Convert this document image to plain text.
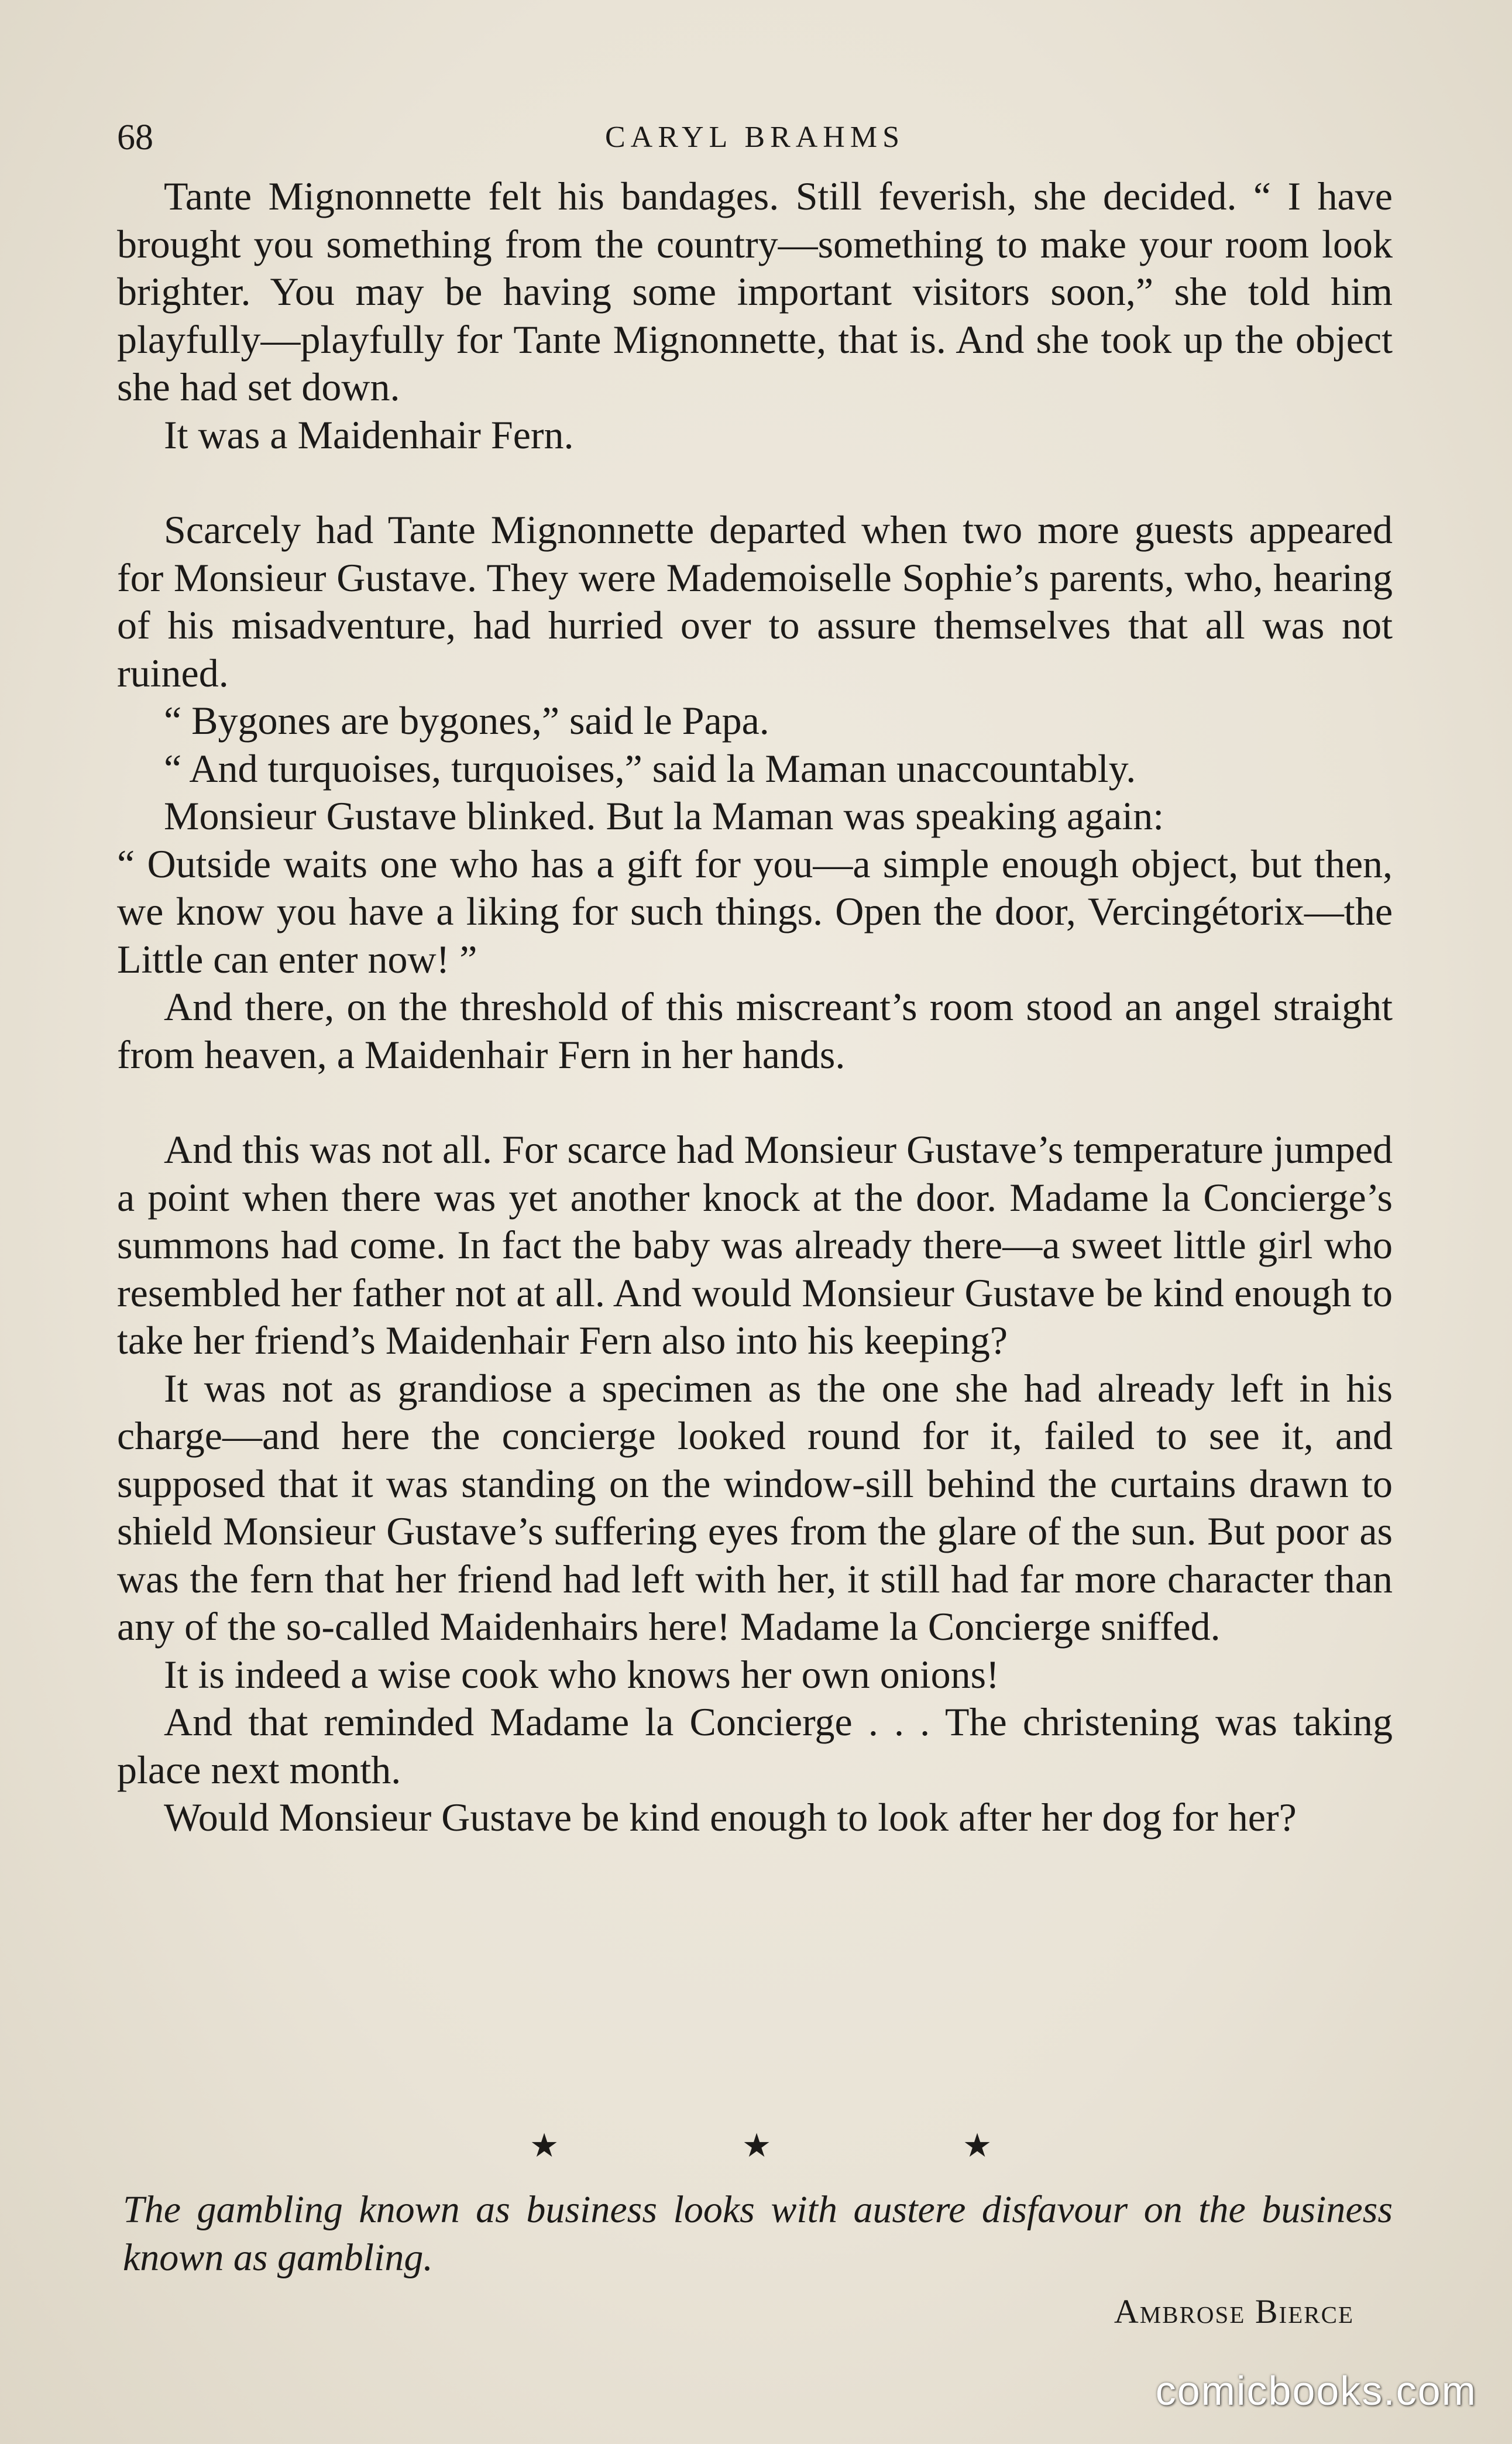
68	CARYL BRAHMS

Tante Mignonnette felt his bandages. Still feverish, she decided. “ I have brought you something from the country—something to make your room look brighter. You may be having some important visitors soon,” she told him playfully—playfully for Tante Mignonnette, that is. And she took up the object she had set down.

It was a Maidenhair Fern.

Scarcely had Tante Mignonnette departed when two more guests appeared for Monsieur Gustave. They were Mademoiselle Sophie’s parents, who, hearing of his misadventure, had hurried over to assure themselves that all was not ruined.

“ Bygones are bygones,” said le Papa.

“ And turquoises, turquoises,” said la Maman unaccountably.

Monsieur Gustave blinked. But la Maman was speaking again:

“ Outside waits one who has a gift for you—a simple enough object, but then, we know you have a liking for such things. Open the door, Vercingétorix—the Little can enter now! ”

And there, on the threshold of this miscreant’s room stood an angel straight from heaven, a Maidenhair Fern in her hands.

And this was not all. For scarce had Monsieur Gustave’s temperature jumped a point when there was yet another knock at the door. Madame la Concierge’s summons had come. In fact the baby was already there—a sweet little girl who resembled her father not at all. And would Monsieur Gustave be kind enough to take her friend’s Maidenhair Fern also into his keeping?

It was not as grandiose a specimen as the one she had already left in his charge—and here the concierge looked round for it, failed to see it, and supposed that it was standing on the window-sill behind the curtains drawn to shield Monsieur Gustave’s suffering eyes from the glare of the sun. But poor as was the fern that her friend had left with her, it still had far more character than any of the so-called Maidenhairs here! Madame la Concierge sniffed.

It is indeed a wise cook who knows her own onions!

And that reminded Madame la Concierge . . . The christening was taking place next month.

Would Monsieur Gustave be kind enough to look after her dog for her?

★	★	★

The gambling known as business looks with austere disfavour on the business known as gambling.

Ambrose Bierce
comicbooks.com
